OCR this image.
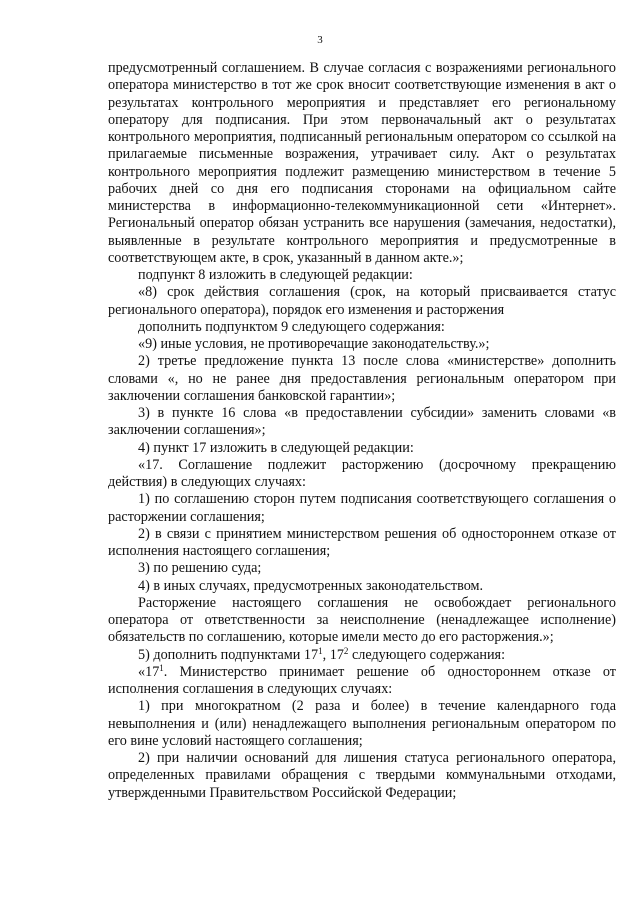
3

предусмотренный соглашением. В случае согласия с возражениями регионального оператора министерство в тот же срок вносит соответствующие изменения в акт о результатах контрольного мероприятия и представляет его региональному оператору для подписания. При этом первоначальный акт о результатах контрольного мероприятия, подписанный региональным оператором со ссылкой на прилагаемые письменные возражения, утрачивает силу. Акт о результатах контрольного мероприятия подлежит размещению министерством в течение 5 рабочих дней со дня его подписания сторонами на официальном сайте министерства в информационно-телекоммуникационной сети «Интернет». Региональный оператор обязан устранить все нарушения (замечания, недостатки), выявленные в результате контрольного мероприятия и предусмотренные в соответствующем акте, в срок, указанный в данном акте.»;

подпункт 8 изложить в следующей редакции:

«8) срок действия соглашения (срок, на который присваивается статус регионального оператора), порядок его изменения и расторжения

дополнить подпунктом 9 следующего содержания:

«9) иные условия, не противоречащие законодательству.»;

2) третье предложение пункта 13 после слова «министерстве» дополнить словами «, но не ранее дня предоставления региональным оператором при заключении соглашения банковской гарантии»;

3) в пункте 16 слова «в предоставлении субсидии» заменить словами «в заключении соглашения»;

4) пункт 17 изложить в следующей редакции:

«17. Соглашение подлежит расторжению (досрочному прекращению действия) в следующих случаях:

1) по соглашению сторон путем подписания соответствующего соглашения о расторжении соглашения;

2) в связи с принятием министерством решения об одностороннем отказе от исполнения настоящего соглашения;

3) по решению суда;

4) в иных случаях, предусмотренных законодательством.

Расторжение настоящего соглашения не освобождает регионального оператора от ответственности за неисполнение (ненадлежащее исполнение) обязательств по соглашению, которые имели место до его расторжения.»;

5) дополнить подпунктами $17^1$, $17^2$ следующего содержания:

«$17^1$. Министерство принимает решение об одностороннем отказе от исполнения соглашения в следующих случаях:

1) при многократном (2 раза и более) в течение календарного года невыполнения и (или) ненадлежащего выполнения региональным оператором по его вине условий настоящего соглашения;

2) при наличии оснований для лишения статуса регионального оператора, определенных правилами обращения с твердыми коммунальными отходами, утвержденными Правительством Российской Федерации;
